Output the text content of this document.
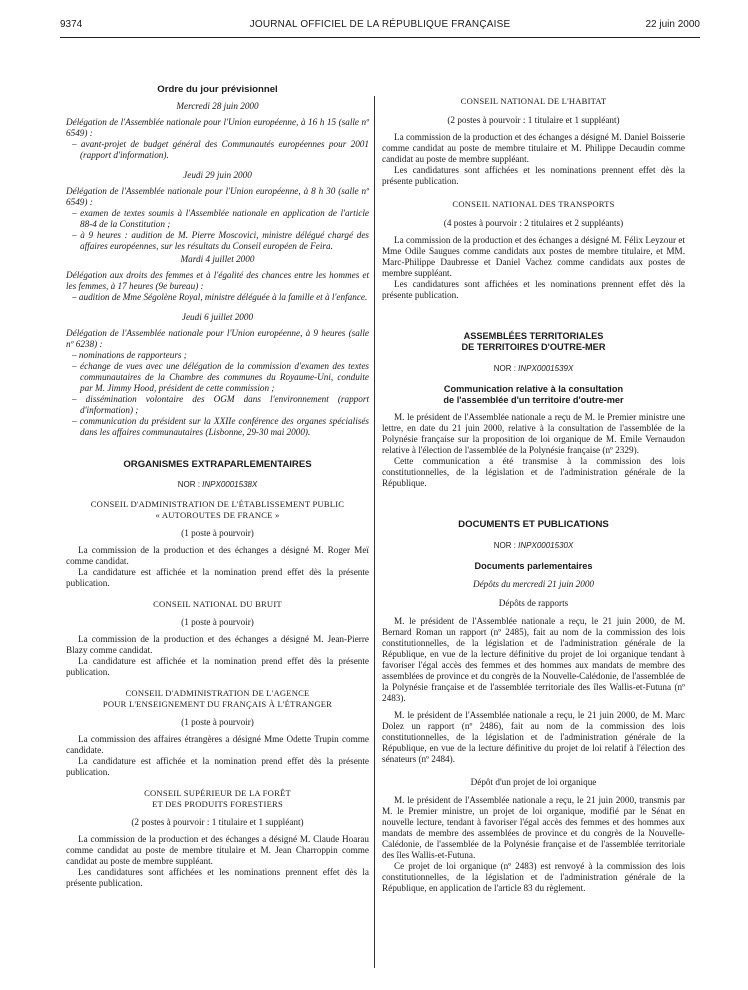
9374	JOURNAL OFFICIEL DE LA RÉPUBLIQUE FRANÇAISE	22 juin 2000

Ordre du jour prévisionnel

Mercredi 28 juin 2000

Délégation de l'Assemblée nationale pour l'Union européenne, à 16 h 15 (salle nº 6549) :

– avant-projet de budget général des Communautés européennes pour 2001 (rapport d'information).

Jeudi 29 juin 2000

Délégation de l'Assemblée nationale pour l'Union européenne, à 8 h 30 (salle nº 6549) :

– examen de textes soumis à l'Assemblée nationale en application de l'article 88-4 de la Constitution ;
– à 9 heures : audition de M. Pierre Moscovici, ministre délégué chargé des affaires européennes, sur les résultats du Conseil européen de Feira.

Mardi 4 juillet 2000

Délégation aux droits des femmes et à l'égalité des chances entre les hommes et les femmes, à 17 heures (9e bureau) :

– audition de Mme Ségolène Royal, ministre déléguée à la famille et à l'enfance.

Jeudi 6 juillet 2000

Délégation de l'Assemblée nationale pour l'Union européenne, à 9 heures (salle nº 6238) :

– nominations de rapporteurs ;
– échange de vues avec une délégation de la commission d'examen des textes communautaires de la Chambre des communes du Royaume-Uni, conduite par M. Jimmy Hood, président de cette commission ;
– dissémination volontaire des OGM dans l'environnement (rapport d'information) ;
– communication du président sur la XXIIe conférence des organes spécialisés dans les affaires communautaires (Lisbonne, 29-30 mai 2000).

ORGANISMES EXTRAPARLEMENTAIRES

NOR : INPX0001538X

CONSEIL D'ADMINISTRATION DE L'ÉTABLISSEMENT PUBLIC

« AUTOROUTES DE FRANCE »

(1 poste à pourvoir)

La commission de la production et des échanges a désigné M. Roger Meï comme candidat.

La candidature est affichée et la nomination prend effet dès la présente publication.

CONSEIL NATIONAL DU BRUIT

(1 poste à pourvoir)

La commission de la production et des échanges a désigné M. Jean-Pierre Blazy comme candidat.

La candidature est affichée et la nomination prend effet dès la présente publication.

CONSEIL D'ADMINISTRATION DE L'AGENCE

POUR L'ENSEIGNEMENT DU FRANÇAIS À L'ÉTRANGER

(1 poste à pourvoir)

La commission des affaires étrangères a désigné Mme Odette Trupin comme candidate.

La candidature est affichée et la nomination prend effet dès la présente publication.

CONSEIL SUPÉRIEUR DE LA FORÊT

ET DES PRODUITS FORESTIERS

(2 postes à pourvoir : 1 titulaire et 1 suppléant)

La commission de la production et des échanges a désigné M. Claude Hoarau comme candidat au poste de membre titulaire et M. Jean Charroppin comme candidat au poste de membre suppléant.

Les candidatures sont affichées et les nominations prennent effet dès la présente publication.

CONSEIL NATIONAL DE L'HABITAT

(2 postes à pourvoir : 1 titulaire et 1 suppléant)

La commission de la production et des échanges a désigné M. Daniel Boisserie comme candidat au poste de membre titulaire et M. Philippe Decaudin comme candidat au poste de membre suppléant.

Les candidatures sont affichées et les nominations prennent effet dès la présente publication.

CONSEIL NATIONAL DES TRANSPORTS

(4 postes à pourvoir : 2 titulaires et 2 suppléants)

La commission de la production et des échanges a désigné M. Félix Leyzour et Mme Odile Saugues comme candidats aux postes de membre titulaire, et MM. Marc-Philippe Daubresse et Daniel Vachez comme candidats aux postes de membre suppléant.

Les candidatures sont affichées et les nominations prennent effet dès la présente publication.

ASSEMBLÉES TERRITORIALES

DE TERRITOIRES D'OUTRE-MER

NOR : INPX0001539X

Communication relative à la consultation

de l'assemblée d'un territoire d'outre-mer

M. le président de l'Assemblée nationale a reçu de M. le Premier ministre une lettre, en date du 21 juin 2000, relative à la consultation de l'assemblée de la Polynésie française sur la proposition de loi organique de M. Emile Vernaudon relative à l'élection de l'assemblée de la Polynésie française (nº 2329).

Cette communication a été transmise à la commission des lois constitutionnelles, de la législation et de l'administration générale de la République.

DOCUMENTS ET PUBLICATIONS

NOR : INPX0001530X

Documents parlementaires

Dépôts du mercredi 21 juin 2000

Dépôts de rapports

M. le président de l'Assemblée nationale a reçu, le 21 juin 2000, de M. Bernard Roman un rapport (nº 2485), fait au nom de la commission des lois constitutionnelles, de la législation et de l'administration générale de la République, en vue de la lecture définitive du projet de loi organique tendant à favoriser l'égal accès des femmes et des hommes aux mandats de membre des assemblées de province et du congrès de la Nouvelle-Calédonie, de l'assemblée de la Polynésie française et de l'assemblée territoriale des îles Wallis-et-Futuna (nº 2483).

M. le président de l'Assemblée nationale a reçu, le 21 juin 2000, de M. Marc Dolez un rapport (nº 2486), fait au nom de la commission des lois constitutionnelles, de la législation et de l'administration générale de la République, en vue de la lecture définitive du projet de loi relatif à l'élection des sénateurs (nº 2484).

Dépôt d'un projet de loi organique

M. le président de l'Assemblée nationale a reçu, le 21 juin 2000, transmis par M. le Premier ministre, un projet de loi organique, modifié par le Sénat en nouvelle lecture, tendant à favoriser l'égal accès des femmes et des hommes aux mandats de membre des assemblées de province et du congrès de la Nouvelle-Calédonie, de l'assemblée de la Polynésie française et de l'assemblée territoriale des îles Wallis-et-Futuna.

Ce projet de loi organique (nº 2483) est renvoyé à la commission des lois constitutionnelles, de la législation et de l'administration générale de la République, en application de l'article 83 du règlement.
